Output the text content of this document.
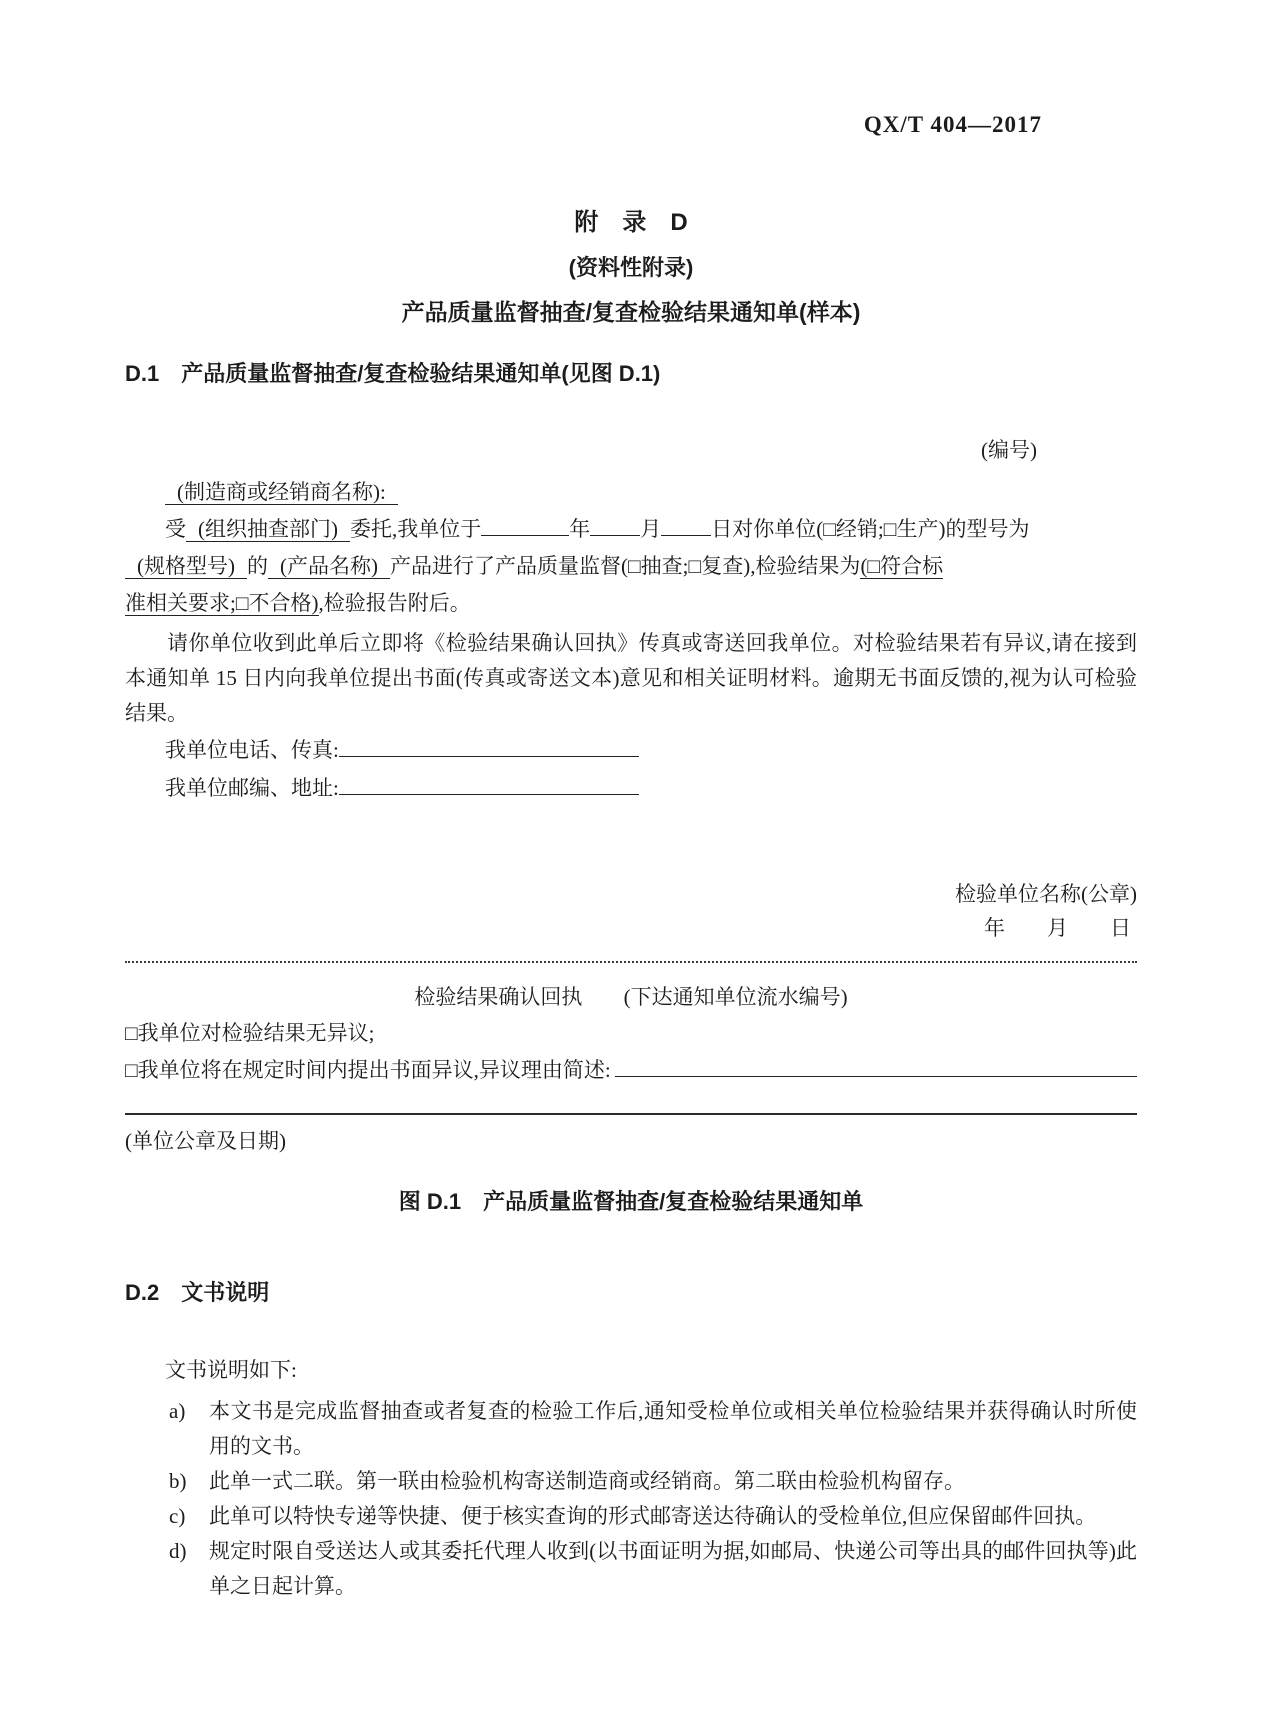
QX/T 404—2017
附　录　D
(资料性附录)
产品质量监督抽查/复查检验结果通知单(样本)
D.1 产品质量监督抽查/复查检验结果通知单(见图 D.1)
(编号)
(制造商或经销商名称):
受 (组织抽查部门) 委托,我单位于	年 月 日对你单位(□经销;□生产)的型号为
(规格型号) 的 (产品名称) 产品进行了产品质量监督(□抽查;□复查),检验结果为(□符合标
准相关要求;□不合格),检验报告附后。

请你单位收到此单后立即将《检验结果确认回执》传真或寄送回我单位。对检验结果若有异议,请在接到本通知单 15 日内向我单位提出书面(传真或寄送文本)意见和相关证明材料。逾期无书面反馈的,视为认可检验结果。

我单位电话、传真:
我单位邮编、地址:
检验单位名称(公章)
年　　月　　日
检验结果确认回执 (下达通知单位流水编号)
□我单位对检验结果无异议;
□我单位将在规定时间内提出书面异议,异议理由简述:
(单位公章及日期)
图 D.1　产品质量监督抽查/复查检验结果通知单
D.2 文书说明
文书说明如下:
a)	本文书是完成监督抽查或者复查的检验工作后,通知受检单位或相关单位检验结果并获得确认时所使用的文书。
b)	此单一式二联。第一联由检验机构寄送制造商或经销商。第二联由检验机构留存。
c)	此单可以特快专递等快捷、便于核实查询的形式邮寄送达待确认的受检单位,但应保留邮件回执。
d)	规定时限自受送达人或其委托代理人收到(以书面证明为据,如邮局、快递公司等出具的邮件回执等)此单之日起计算。
